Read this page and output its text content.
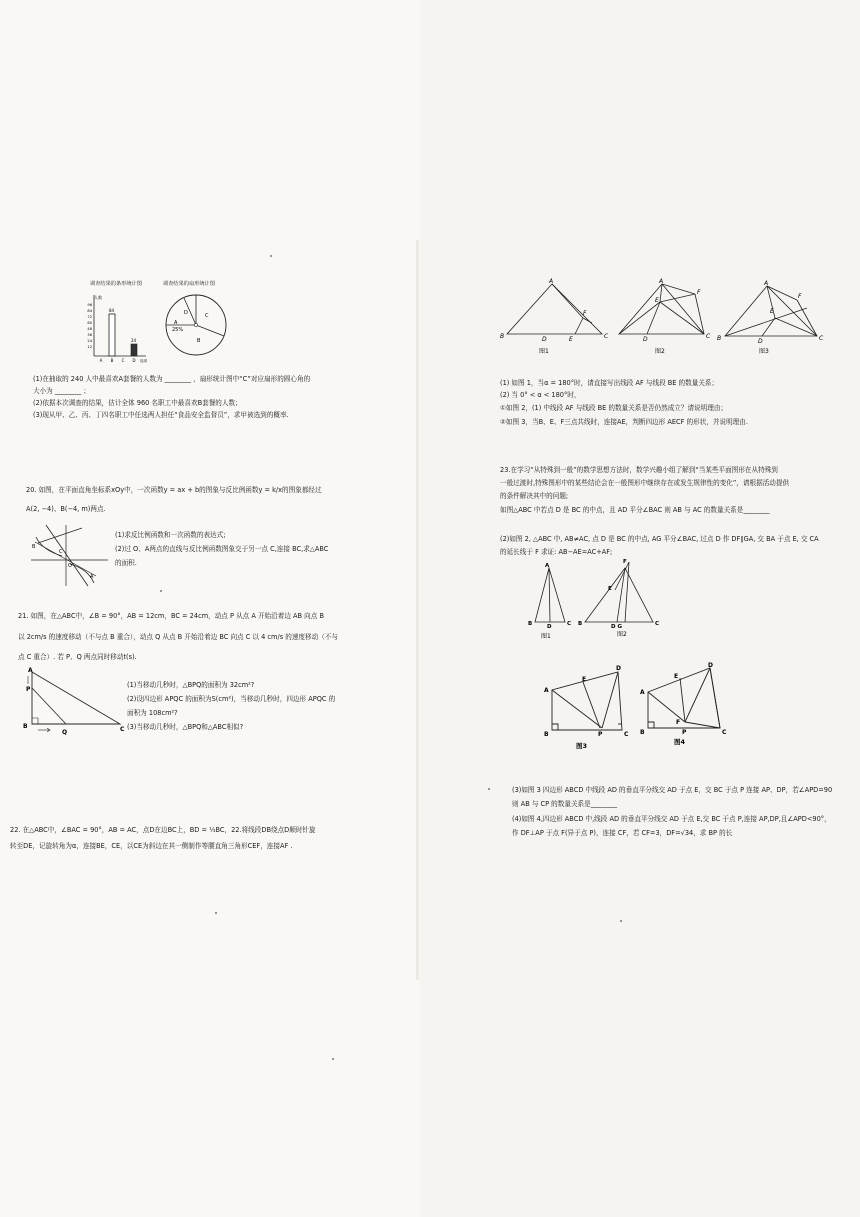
调查结果的条形统计图	调查结果的扇形统计图
人数
96
84
72
60
48
36
24
12
84
24
A B C D 选项
D	C
A
25%
B
(1)在抽取的 240 人中最喜欢A套餐的人数为 ________ ，扇形统计图中“C”对应扇形的圆心角的
大小为 ________ ；
(2)依据本次调查的结果，估计全体 960 名职工中最喜欢B套餐的人数；
(3)现从甲、乙、丙、丁四名职工中任选两人担任“食品安全监督员”，求甲被选到的概率.
20. 如图，在平面直角坐标系xOy中，一次函数y = ax + b的图象与反比例函数y = k/x的图象都经过
A(2, −4)、B(−4, m)两点.
B
O
C
A
(1)求反比例函数和一次函数的表达式;
(2)过 O、A两点的直线与反比例函数图象交于另一点 C,连接 BC,求△ABC
的面积.
21. 如图，在△ABC中，∠B = 90°，AB = 12cm，BC = 24cm，动点 P 从点 A 开始沿着边 AB 向点 B
以 2cm/s 的速度移动（不与点 B 重合），动点 Q 从点 B 开始沿着边 BC 向点 C 以 4 cm/s 的速度移动（不与
点 C 重合）. 若 P、Q 两点同时移动t(s).
A
P
B
Q	C
(1)当移动几秒时，△BPQ的面积为 32cm²?
(2)设四边形 APQC 的面积为S(cm²)，当移动几秒时，四边形 APQC 的
面积为 108cm²?
(3)当移动几秒时，△BPQ和△ABC相似?
22. 在△ABC中，∠BAC = 90°，AB = AC，点D在边BC上，BD = ⅓BC，22.将线段DB绕点D顺时针旋
转至DE，记旋转角为α，连接BE，CE，以CE为斜边在其一侧制作等腰直角三角形CEF，连接AF .
A
B	D	E	C
F
A
E
F
D	C
A
E
F
B	D	C
图1	图2	图3
(1) 如图 1，当α = 180°时，请直接写出线段 AF 与线段 BE 的数量关系；
(2) 当 0° < α < 180°时，
①如图 2，(1) 中线段 AF 与线段 BE 的数量关系是否仍然成立？请说明理由；
②如图 3，当B、E、F三点共线时，连接AE，判断四边形 AECF 的形状，并说明理由.
23.在学习“从特殊到一般”的数学思想方法时，数学兴趣小组了解到“当某些平面图形在从特殊到
一般过渡时,特殊图形中的某些结论会在一般图形中继续存在或发生规律性的变化”，请根据活动提供
的条件解决其中的问题;
如图△ABC 中若点 D 是 BC 的中点，且 AD 平分∠BAC 则 AB 与 AC 的数量关系是________
(2)如图 2, △ABC 中, AB≠AC, 点 D 是 BC 的中点, AG 平分∠BAC, 过点 D 作 DF∥GA, 交 BA 于点 E, 交 CA
的延长线于 F 求证: AB−AE=AC+AF;
A
B	D	C
F
E
B	D G	C
图1	图2
A
E
D
B	P	C
A
E
D
F
B	P	C
图3	图4
(3)如图 3 四边形 ABCD 中线段 AD 的垂直平分线交 AD 于点 E，交 BC 于点 P 连接 AP、DP，若∠APD=90
则 AB 与 CP 的数量关系是________
(4)如图 4,四边形 ABCD 中,线段 AD 的垂直平分线交 AD 于点 E,交 BC 于点 P,连接 AP,DP,且∠APD<90°，
作 DF⊥AP 于点 F(异于点 P)，连接 CF，若 CF=3，DF=√34，求 BP 的长
